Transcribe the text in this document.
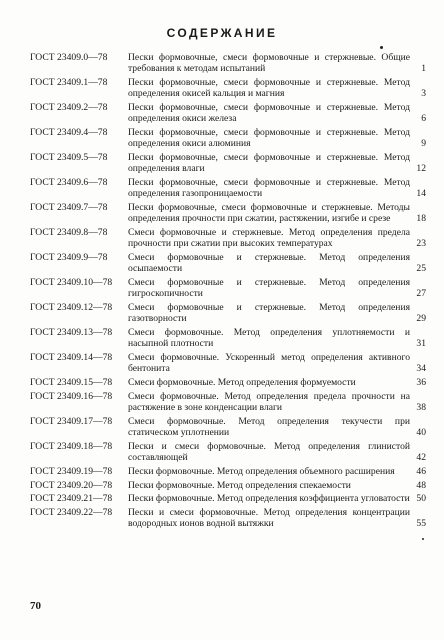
СОДЕРЖАНИЕ
ГОСТ 23409.0—78	Пески формовочные, смеси формовочные и стержневые. Общие требования к методам испытаний	1
ГОСТ 23409.1—78	Пески формовочные, смеси формовочные и стержневые. Метод определения окисей кальция и магния	3
ГОСТ 23409.2—78	Пески формовочные, смеси формовочные и стержневые. Метод определения окиси железа	6
ГОСТ 23409.4—78	Пески формовочные, смеси формовочные и стержневые. Метод определения окиси алюминия	9
ГОСТ 23409.5—78	Пески формовочные, смеси формовочные и стержневые. Метод определения влаги	12
ГОСТ 23409.6—78	Пески формовочные, смеси формовочные и стержневые. Метод определения газопроницаемости	14
ГОСТ 23409.7—78	Пески формовочные, смеси формовочные и стержневые. Методы определения прочности при сжатии, растяжении, изгибе и срезе	18
ГОСТ 23409.8—78	Смеси формовочные и стержневые. Метод определения предела прочности при сжатии при высоких температурах	23
ГОСТ 23409.9—78	Смеси формовочные и стержневые. Метод определения осыпаемости	25
ГОСТ 23409.10—78	Смеси формовочные и стержневые. Метод определения гигроскопичности	27
ГОСТ 23409.12—78	Смеси формовочные и стержневые. Метод определения газотворности	29
ГОСТ 23409.13—78	Смеси формовочные. Метод определения уплотняемости и насыпной плотности	31
ГОСТ 23409.14—78	Смеси формовочные. Ускоренный метод определения активного бентонита	34
ГОСТ 23409.15—78	Смеси формовочные. Метод определения формуемости	36
ГОСТ 23409.16—78	Смеси формовочные. Метод определения предела прочности на растяжение в зоне конденсации влаги	38
ГОСТ 23409.17—78	Смеси формовочные. Метод определения текучести при статическом уплотнении	40
ГОСТ 23409.18—78	Пески и смеси формовочные. Метод определения глинистой составляющей	42
ГОСТ 23409.19—78	Пески формовочные. Метод определения объемного расширения	46
ГОСТ 23409.20—78	Пески формовочные. Метод определения спекаемости	48
ГОСТ 23409.21—78	Пески формовочные. Метод определения коэффициента угловатости 50
ГОСТ 23409.22—78	Пески и смеси формовочные. Метод определения концентрации водородных ионов водной вытяжки	55
70
